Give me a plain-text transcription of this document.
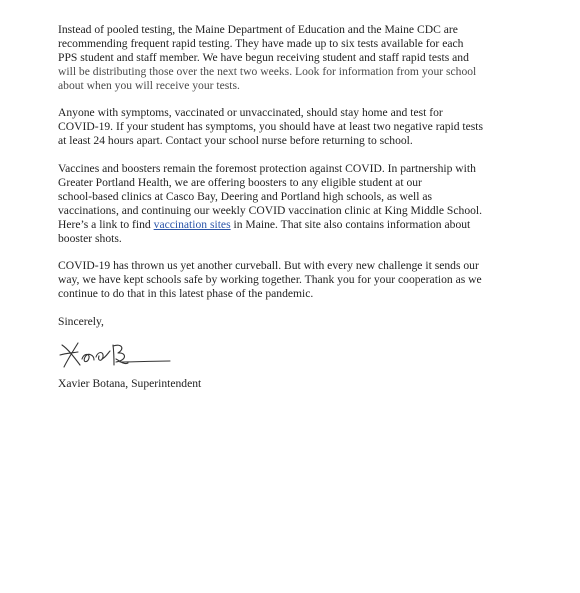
Instead of pooled testing, the Maine Department of Education and the Maine CDC are
recommending frequent rapid testing. They have made up to six tests available for each
PPS student and staff member. We have begun receiving student and staff rapid tests and
will be distributing those over the next two weeks. Look for information from your school
about when you will receive your tests.

Anyone with symptoms, vaccinated or unvaccinated, should stay home and test for
COVID-19. If your student has symptoms, you should have at least two negative rapid tests
at least 24 hours apart. Contact your school nurse before returning to school.

Vaccines and boosters remain the foremost protection against COVID. In partnership with
Greater Portland Health, we are offering boosters to any eligible student at our
school-based clinics at Casco Bay, Deering and Portland high schools, as well as
vaccinations, and continuing our weekly COVID vaccination clinic at King Middle School.
Here’s a link to find vaccination sites in Maine. That site also contains information about
booster shots.

COVID-19 has thrown us yet another curveball. But with every new challenge it sends our
way, we have kept schools safe by working together. Thank you for your cooperation as we
continue to do that in this latest phase of the pandemic.

Sincerely,

Xavier Botana, Superintendent
